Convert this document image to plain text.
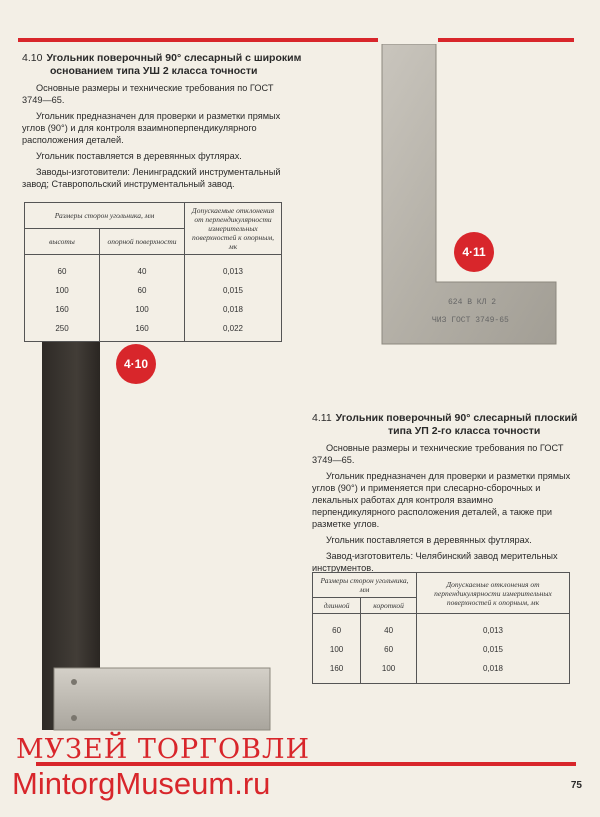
4.10 Угольник поверочный 90° слесарный с широким
основанием типа УШ 2 класса точности

Основные размеры и технические требования по ГОСТ 3749—65.

Угольник предназначен для проверки и разметки прямых углов (90°) и для контроля взаимноперпендикулярного расположения деталей.

Угольник поставляется в деревянных футлярах.

Заводы-изготовители: Ленинградский инструментальный завод; Ставропольский инструментальный завод.

Размеры сторон угольника, мм		Допускаемые отклонения от перпендикулярности измерительных поверхностей к опорным, мк
высоты	опорной поверхности	
60	40	0,013
100	60	0,015
160	100	0,018
250	160	0,022
4·11
624 В КЛ 2
ЧИЗ ГОСТ 3749-65
4·10
4.11 Угольник поверочный 90° слесарный плоский
типа УП 2-го класса точности

Основные размеры и технические требования по ГОСТ 3749—65.

Угольник предназначен для проверки и разметки прямых углов (90°) и применяется при слесарно-сборочных и лекальных работах для контроля взаимно перпендикулярного расположения деталей, а также при разметке углов.

Угольник поставляется в деревянных футлярах.

Завод-изготовитель: Челябинский завод мерительных инструментов.

Размеры сторон угольника, мм		Допускаемые отклонения от перпендикулярности измерительных поверхностей к опорным, мк
длинной	короткой	
60	40	0,013
100	60	0,015
160	100	0,018
МУЗЕЙ ТОРГОВЛИ
MintorgMuseum.ru	75
